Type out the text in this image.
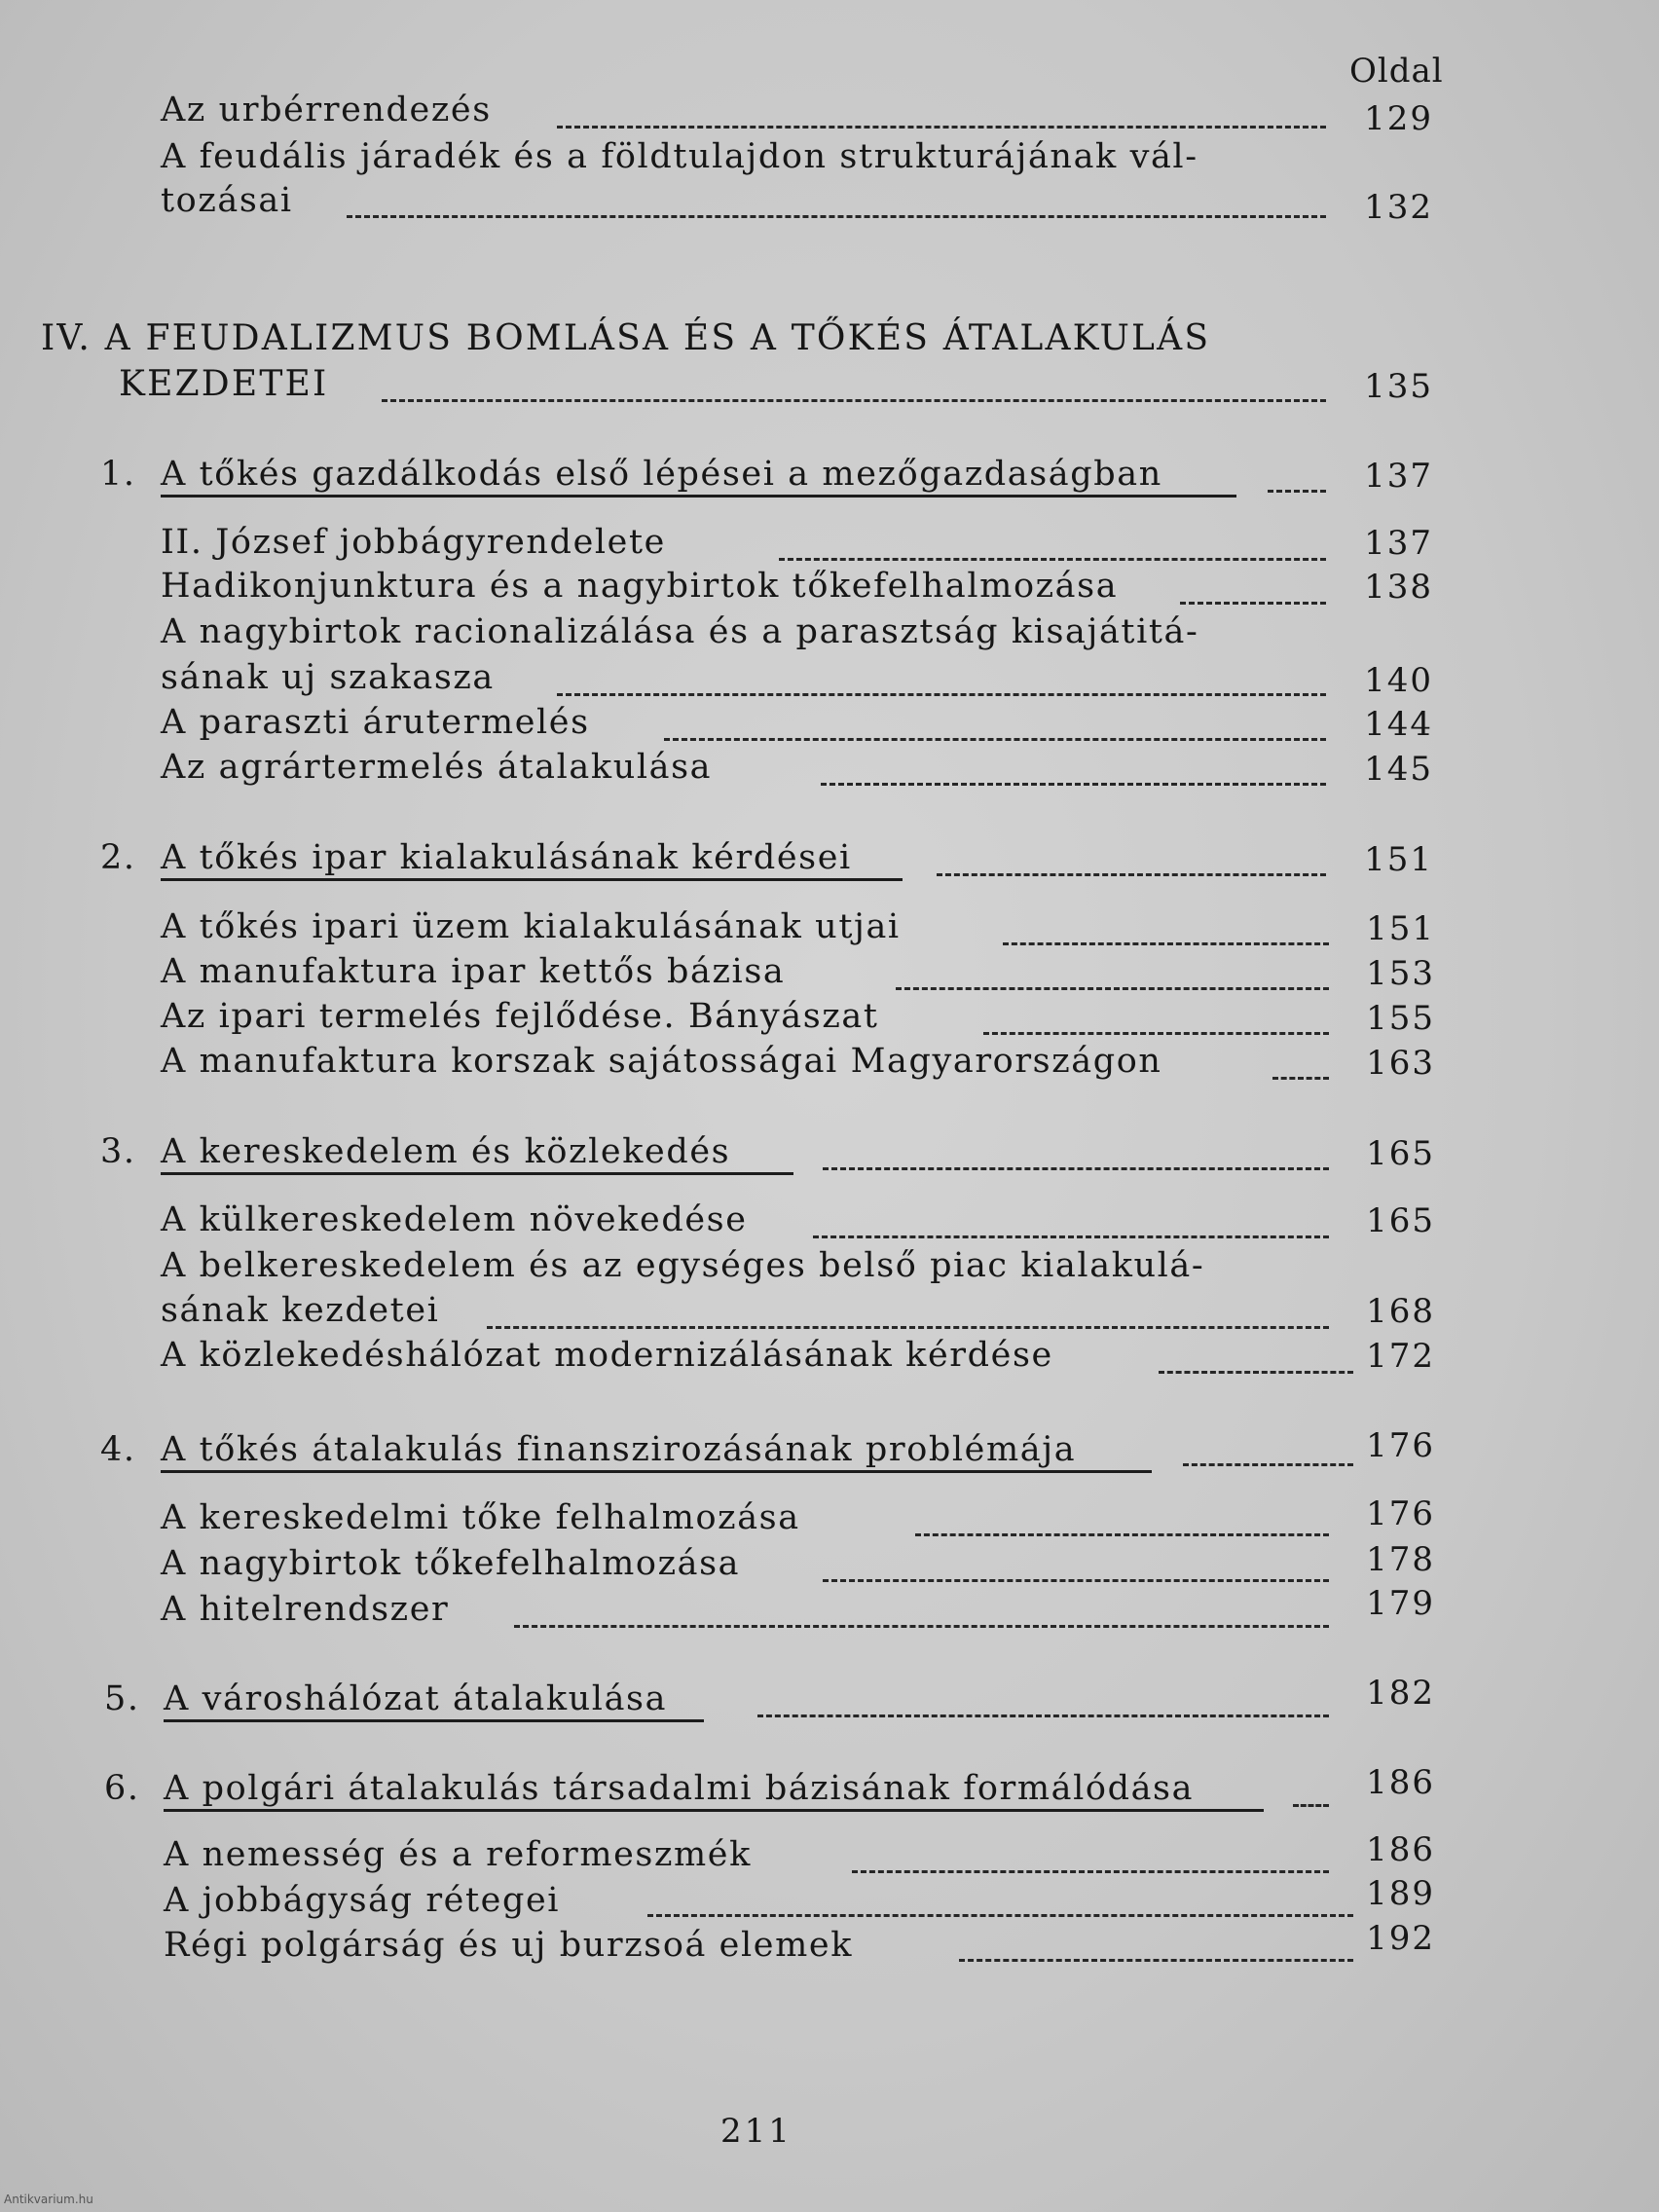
Oldal
Az urbérrendezés	129
A feudális járadék és a földtulajdon strukturájának vál-
tozásai	132
IV. A FEUDALIZMUS BOMLÁSA ÉS A TŐKÉS ÁTALAKULÁS
KEZDETEI	135
1. A tőkés gazdálkodás első lépései a mezőgazdaságban	137
II. József jobbágyrendelete	137
Hadikonjunktura és a nagybirtok tőkefelhalmozása	138
A nagybirtok racionalizálása és a parasztság kisajátitá-
sának uj szakasza	140
A paraszti árutermelés	144
Az agrártermelés átalakulása	145
2. A tőkés ipar kialakulásának kérdései	151
A tőkés ipari üzem kialakulásának utjai	151
A manufaktura ipar kettős bázisa	153
Az ipari termelés fejlődése. Bányászat	155
A manufaktura korszak sajátosságai Magyarországon	163
3. A kereskedelem és közlekedés	165
A külkereskedelem növekedése	165
A belkereskedelem és az egységes belső piac kialakulá-
sának kezdetei	168
A közlekedéshálózat modernizálásának kérdése	172
4. A tőkés átalakulás finanszirozásának problémája	176
A kereskedelmi tőke felhalmozása	176
A nagybirtok tőkefelhalmozása	178
A hitelrendszer	179
5. A városhálózat átalakulása	182
6. A polgári átalakulás társadalmi bázisának formálódása	186
A nemesség és a reformeszmék	186
A jobbágyság rétegei	189
Régi polgárság és uj burzsoá elemek	192
211
Antikvarium.hu
